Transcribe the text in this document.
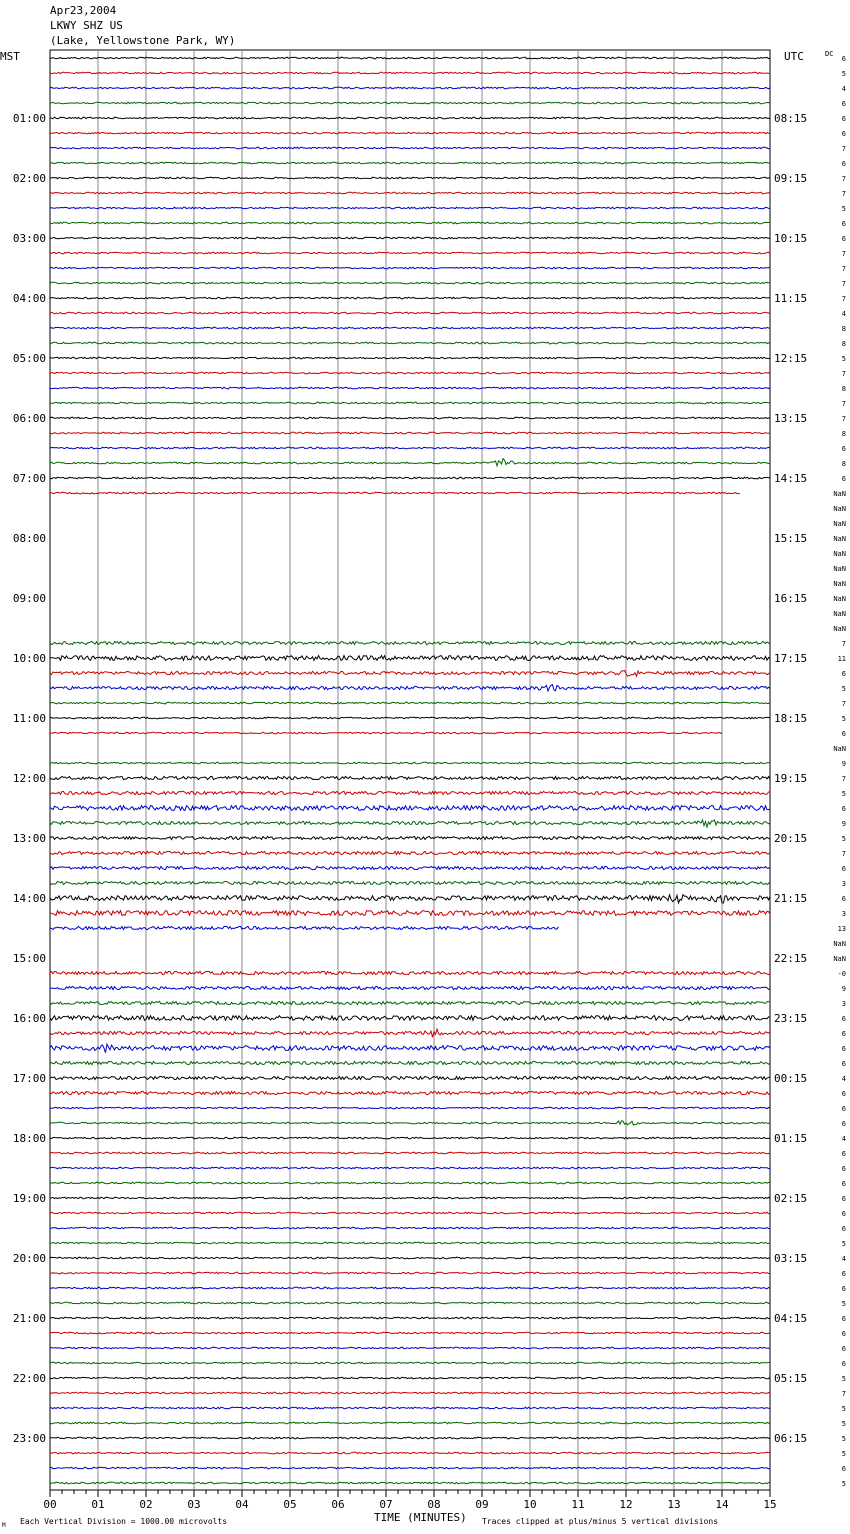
Apr23,2004
LKWY SHZ US
(Lake, Yellowstone Park, WY)
MST	UTC	DC
01:00
02:00
03:00
04:00
05:00
06:00
07:00
08:00
09:00
10:00
11:00
12:00
13:00
14:00
15:00
16:00
17:00
18:00
19:00
20:00
21:00
22:00
23:00
08:15
09:15
10:15
11:15
12:15
13:15
14:15
15:15
16:15
17:15
18:15
19:15
20:15
21:15
22:15
23:15
00:15
01:15
02:15
03:15
04:15
05:15
06:15
6
5
4
6
6
6
7
6
7
7
5
6
6
7
7
7
7
4
8
8
5
7
8
7
7
8
6
8
6
NaN
NaN
NaN
NaN
NaN
NaN
NaN
NaN
NaN
NaN
7
11
6
5
7
5
6
NaN
9
7
5
6
9
5
7
6
3
6
3
13
NaN
NaN
-0
9
3
6
6
6
6
4
6
6
6
4
6
6
6
6
6
6
5
4
6
6
5
6
6
6
6
5
7
5
5
5
5
6
5
00	01	02	03	04	05	06	07	08	09	10	11	12	13	14	15
Each Vertical Division = 1000.00 microvolts	TIME (MINUTES) Traces clipped at plus/minus 5 vertical divisions
M
